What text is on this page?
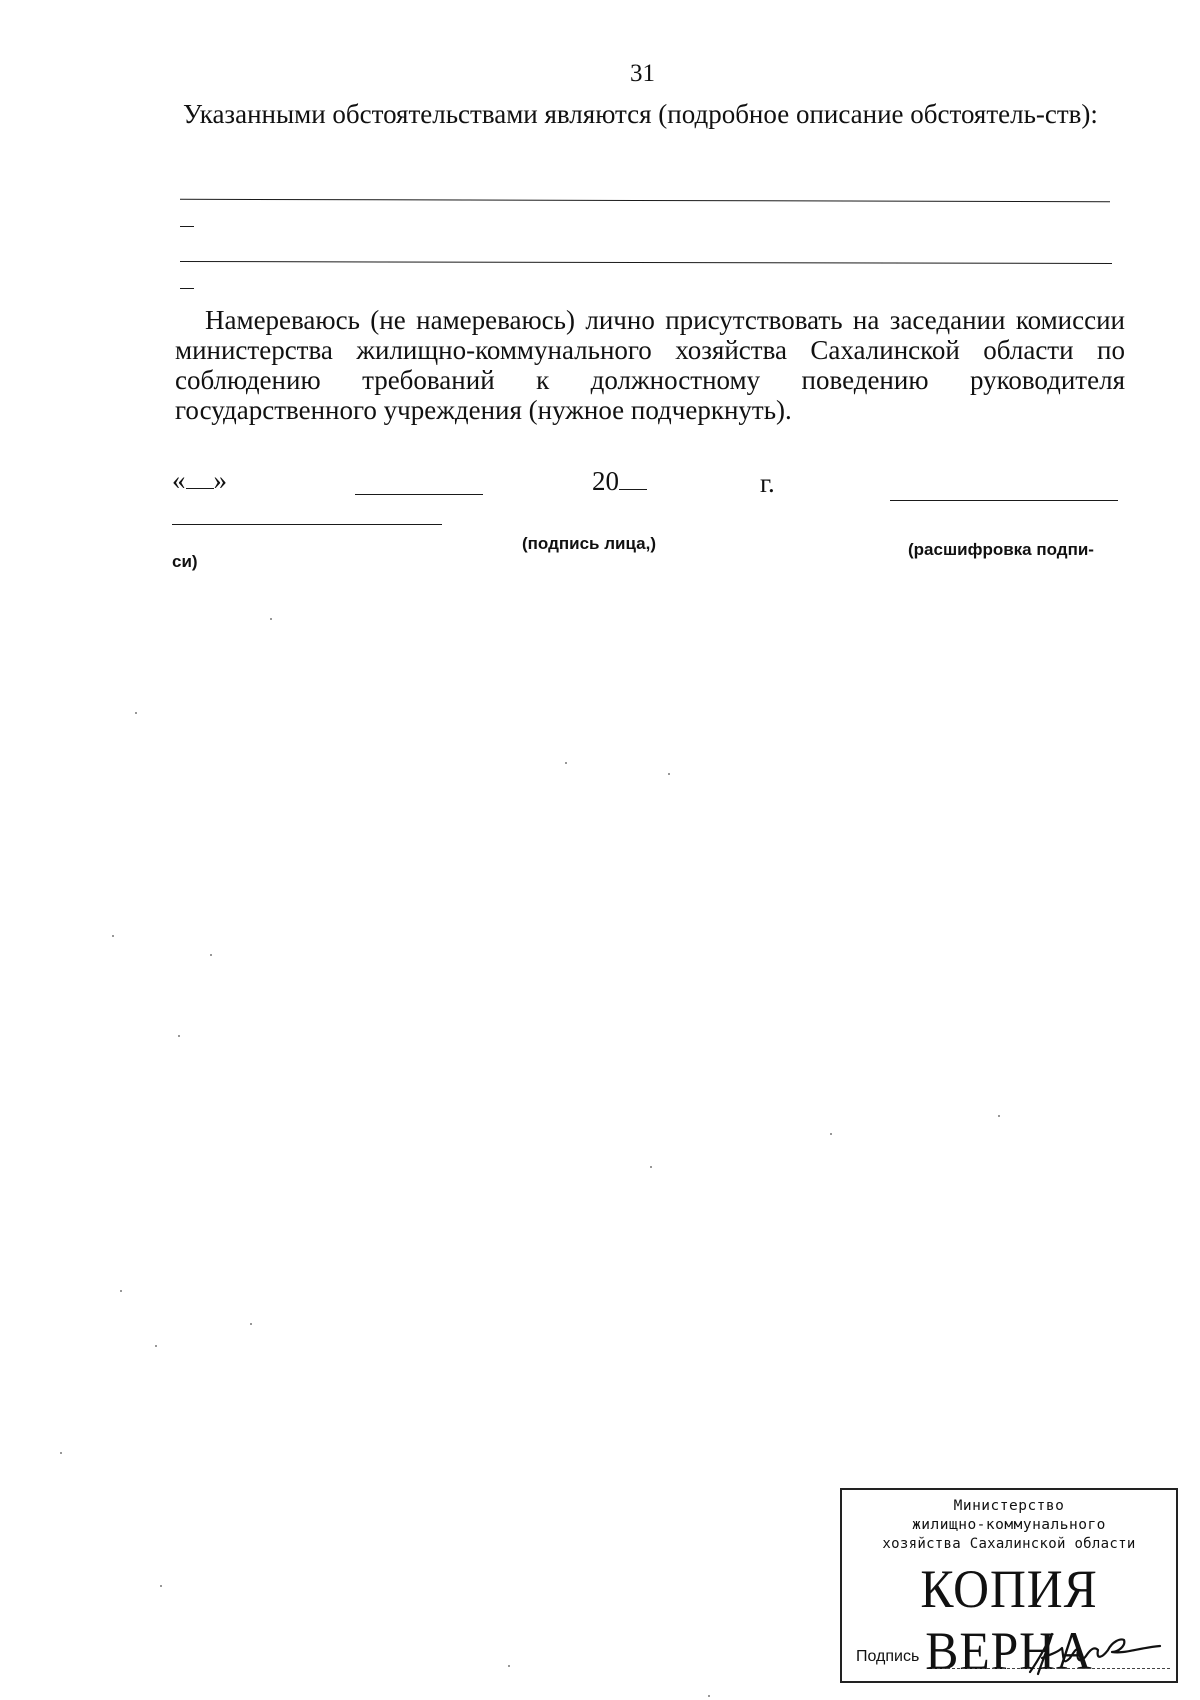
31
Указанными обстоятельствами являются (подробное описание обстоятель-ств):
Намереваюсь (не намереваюсь) лично присутствовать на заседании комиссии министерства жилищно-коммунального хозяйства Сахалинской области по соблюдению требований к должностному поведению руководителя государственного учреждения (нужное подчеркнуть).
« »	20	г.
(подпись лица,)	(расшифровка подпи-
си)
Министерство
жилищно-коммунального
хозяйства Сахалинской области
КОПИЯ ВЕРНА
Подпись
